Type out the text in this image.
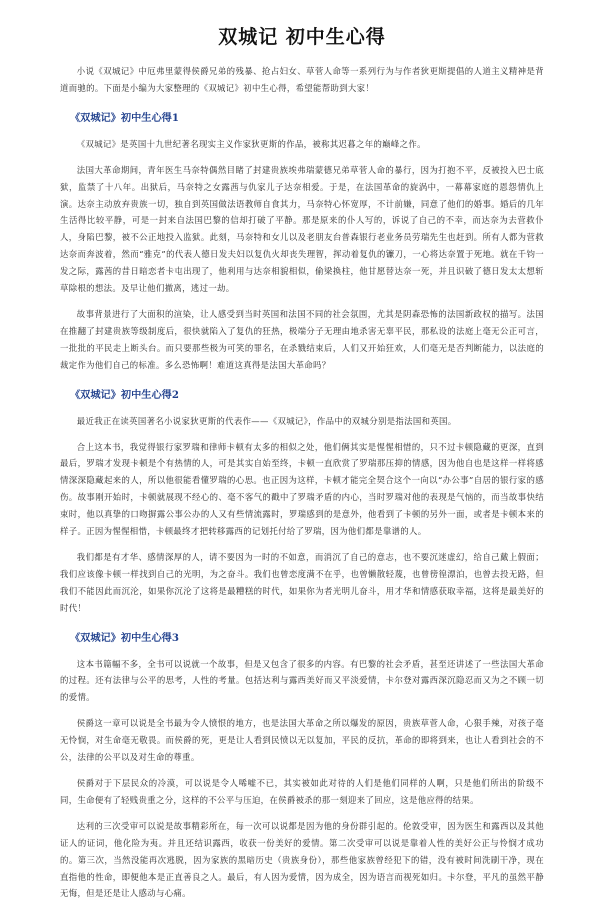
双城记 初中生心得

小说《双城记》中厄弗里蒙得侯爵兄弟的残暴、抢占妇女、草菅人命等一系列行为与作者狄更斯提倡的人道主义精神是背道而驰的。下面是小编为大家整理的《双城记》初中生心得，希望能帮助到大家！

《双城记》初中生心得1

《双城记》是英国十九世纪著名现实主义作家狄更斯的作品，被称其迟暮之年的巅峰之作。

法国大革命期间，青年医生马奈特偶然目睹了封建贵族埃弗瑞蒙德兄弟草菅人命的暴行，因为打抱不平，反被投入巴士底狱，监禁了十八年。出狱后，马奈特之女露茜与仇家儿子达奈相爱。于是，在法国革命的旋涡中，一幕幕家庭的恩怨情仇上演。达奈主动放弃贵族一切，独自到英国做法语教师自食其力，马奈特心怀宽厚，不计前嫌，同意了他们的婚事。婚后的几年生活得比较平静，可是一封来自法国巴黎的信却打破了平静。那是原来的仆人写的，诉说了自己的不幸，而达奈为去营救仆人，身陷巴黎，被不公正地投入监狱。此刻，马奈特和女儿以及老朋友台普森银行老业务员劳瑞先生也赶到。所有人都为营救达奈而奔波着，然而“雅克”的代表人德日发夫妇以复仇火却丧失理智，挥动着复仇的镰刀，一心将达奈置于死地。就在千钧一发之际，露茜的昔日暗恋者卡屯出现了，他利用与达奈相貌相似，偷梁换柱，他甘愿替达奈一死，并且识破了德日发太太想斩草除根的想法。及早让他们撤离，逃过一劫。

故事背景进行了大面积的渲染，让人感受到当时英国和法国不同的社会氛围，尤其是阴森恐怖的法国新政权的描写。法国在推翻了封建贵族等级制度后，很快就陷入了复仇的狂热，极端分子无理由地杀害无辜平民，那私设的法庭上毫无公正可言，一批批的平民走上断头台。而只要那些极为可笑的罪名，在杀戮结束后，人们又开始狂欢，人们毫无是否判断能力，以法庭的裁定作为他们自己的标准。多么恐怖啊！难道这真得是法国大革命吗？

《双城记》初中生心得2

最近我正在读英国著名小说家狄更斯的代表作——《双城记》，作品中的双城分别是指法国和英国。

合上这本书，我觉得银行家罗瑞和律师卡顿有太多的相似之处，他们俩其实是惺惺相惜的，只不过卡顿隐藏的更深，直到最后，罗瑞才发现卡顿是个有热情的人，可是其实自始至终，卡顿一直欣赏了罗瑞那压抑的情感，因为他自也是这样一样将感情深深隐藏起来的人，所以他很能看懂罗瑞的心思。也正因为这样，卡顿才能完全契合这个一向以“办公事”自居的银行家的感伤。故事刚开始时，卡顿就展现不经心的、毫不客气的戳中了罗瑞矛盾的内心，当时罗瑞对他的表现是气恼的，而当故事快结束时，他以真挚的口吻摒露公事公办的人又有些情流露时，罗瑞感到的是意外，他看到了卡顿的另外一面，或者是卡顿本来的样子。正因为惺惺相惜，卡顿最终才把转移露西的记划托付给了罗瑞，因为他们都是靠谱的人。

我们都是有才华、感情深厚的人，请不要因为一时的不如意，而消沉了自己的意志，也不要沉迷虚幻，给自己戴上假面；我们应该像卡顿一样找到自己的光明，为之奋斗。我们也曾恋度满不在乎，也曾懒散轻蔑，也曾徬徨漂泊，也曾去投无路，但我们不能因此而沉沦，如果你沉沦了这将是最糟糕的时代，如果你为者光明儿奋斗，用才华和情感获取幸福，这将是最美好的时代！

《双城记》初中生心得3

这本书篇幅不多，全书可以说就一个故事，但是又包含了很多的内容。有巴黎的社会矛盾，甚至还讲述了一些法国大革命的过程。还有法律与公平的思考，人性的考量。包括达利与露西美好而又平淡爱情，卡尔登对露西深沉隐忍而又为之不顾一切的爱情。

侯爵这一章可以说是全书最为令人愤恨的地方，也是法国大革命之所以爆发的原因，贵族草菅人命，心狠手辣，对孩子毫无怜悯，对生命毫无敬畏。而侯爵的死，更是让人看到民愤以无以复加，平民的反抗，革命的即将到来，也让人看到社会的不公，法律的公平以及对生命的尊重。

侯爵对于下层民众的冷漠，可以说是令人唏嘘不已，其实被如此对待的人们是他们同样的人啊，只是他们所出的阶级不同，生命便有了轻贱贵重之分，这样的不公平与压迫，在侯爵被杀的那一刻迎来了回应，这是他应得的结果。

达利的三次受审可以说是故事精彩所在，每一次可以说都是因为他的身份群引起的。伦敦受审，因为医生和露西以及其他证人的证词，他化险为夷。并且还结识露西，收获一份美好的爱情。第二次受审可以说是靠着人性的美好公正与怜悯才成功的。第三次，当然没能再次逃脱，因为家族的黑暗历史（贵族身份），那些他家族曾经犯下的错，没有被时间洗刷干净，现在直指他的性命，即便他本是正直善良之人。最后，有人因为爱情，因为成全，因为语言而视死如归。卡尔登，平凡的虽然平静无悔，但是还是让人感动与心痛。
